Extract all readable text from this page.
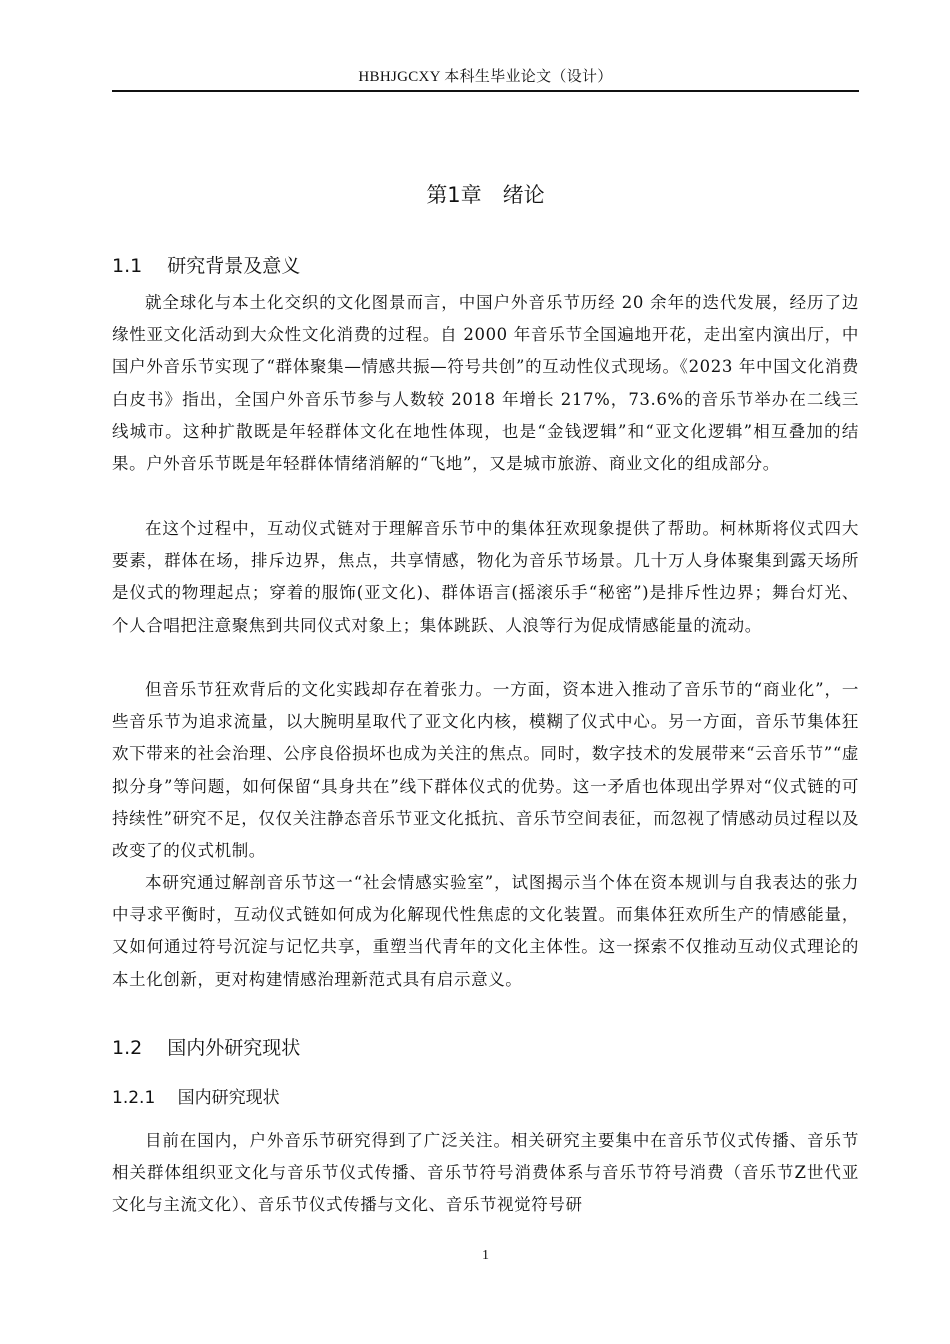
HBHJGCXY 本科生毕业论文（设计）
第1章　绪论
1.1　 研究背景及意义

就全球化与本土化交织的文化图景而言，中国户外音乐节历经 20 余年的迭代发展，经历了边缘性亚文化活动到大众性文化消费的过程。自 2000 年音乐节全国遍地开花，走出室内演出厅，中国户外音乐节实现了“群体聚集—情感共振—符号共创”的互动性仪式现场。《2023 年中国文化消费白皮书》指出，全国户外音乐节参与人数较 2018 年增长 217%，73.6%的音乐节举办在二线三线城市。这种扩散既是年轻群体文化在地性体现，也是“金钱逻辑”和“亚文化逻辑”相互叠加的结果。户外音乐节既是年轻群体情绪消解的“飞地”，又是城市旅游、商业文化的组成部分。

在这个过程中，互动仪式链对于理解音乐节中的集体狂欢现象提供了帮助。柯林斯将仪式四大要素，群体在场，排斥边界，焦点，共享情感，物化为音乐节场景。几十万人身体聚集到露天场所是仪式的物理起点；穿着的服饰(亚文化)、群体语言(摇滚乐手“秘密”)是排斥性边界；舞台灯光、个人合唱把注意聚焦到共同仪式对象上；集体跳跃、人浪等行为促成情感能量的流动。

但音乐节狂欢背后的文化实践却存在着张力。一方面，资本进入推动了音乐节的“商业化”，一些音乐节为追求流量，以大腕明星取代了亚文化内核，模糊了仪式中心。另一方面，音乐节集体狂欢下带来的社会治理、公序良俗损坏也成为关注的焦点。同时，数字技术的发展带来“云音乐节”“虚拟分身”等问题，如何保留“具身共在”线下群体仪式的优势。这一矛盾也体现出学界对“仪式链的可持续性”研究不足，仅仅关注静态音乐节亚文化抵抗、音乐节空间表征，而忽视了情感动员过程以及改变了的仪式机制。

本研究通过解剖音乐节这一“社会情感实验室”，试图揭示当个体在资本规训与自我表达的张力中寻求平衡时，互动仪式链如何成为化解现代性焦虑的文化装置。而集体狂欢所生产的情感能量，又如何通过符号沉淀与记忆共享，重塑当代青年的文化主体性。这一探索不仅推动互动仪式理论的本土化创新，更对构建情感治理新范式具有启示意义。

1.2　 国内外研究现状
1.2.1　 国内研究现状

目前在国内，户外音乐节研究得到了广泛关注。相关研究主要集中在音乐节仪式传播、音乐节相关群体组织亚文化与音乐节仪式传播、音乐节符号消费体系与音乐节符号消费（音乐节Z世代亚文化与主流文化）、音乐节仪式传播与文化、音乐节视觉符号研

1
